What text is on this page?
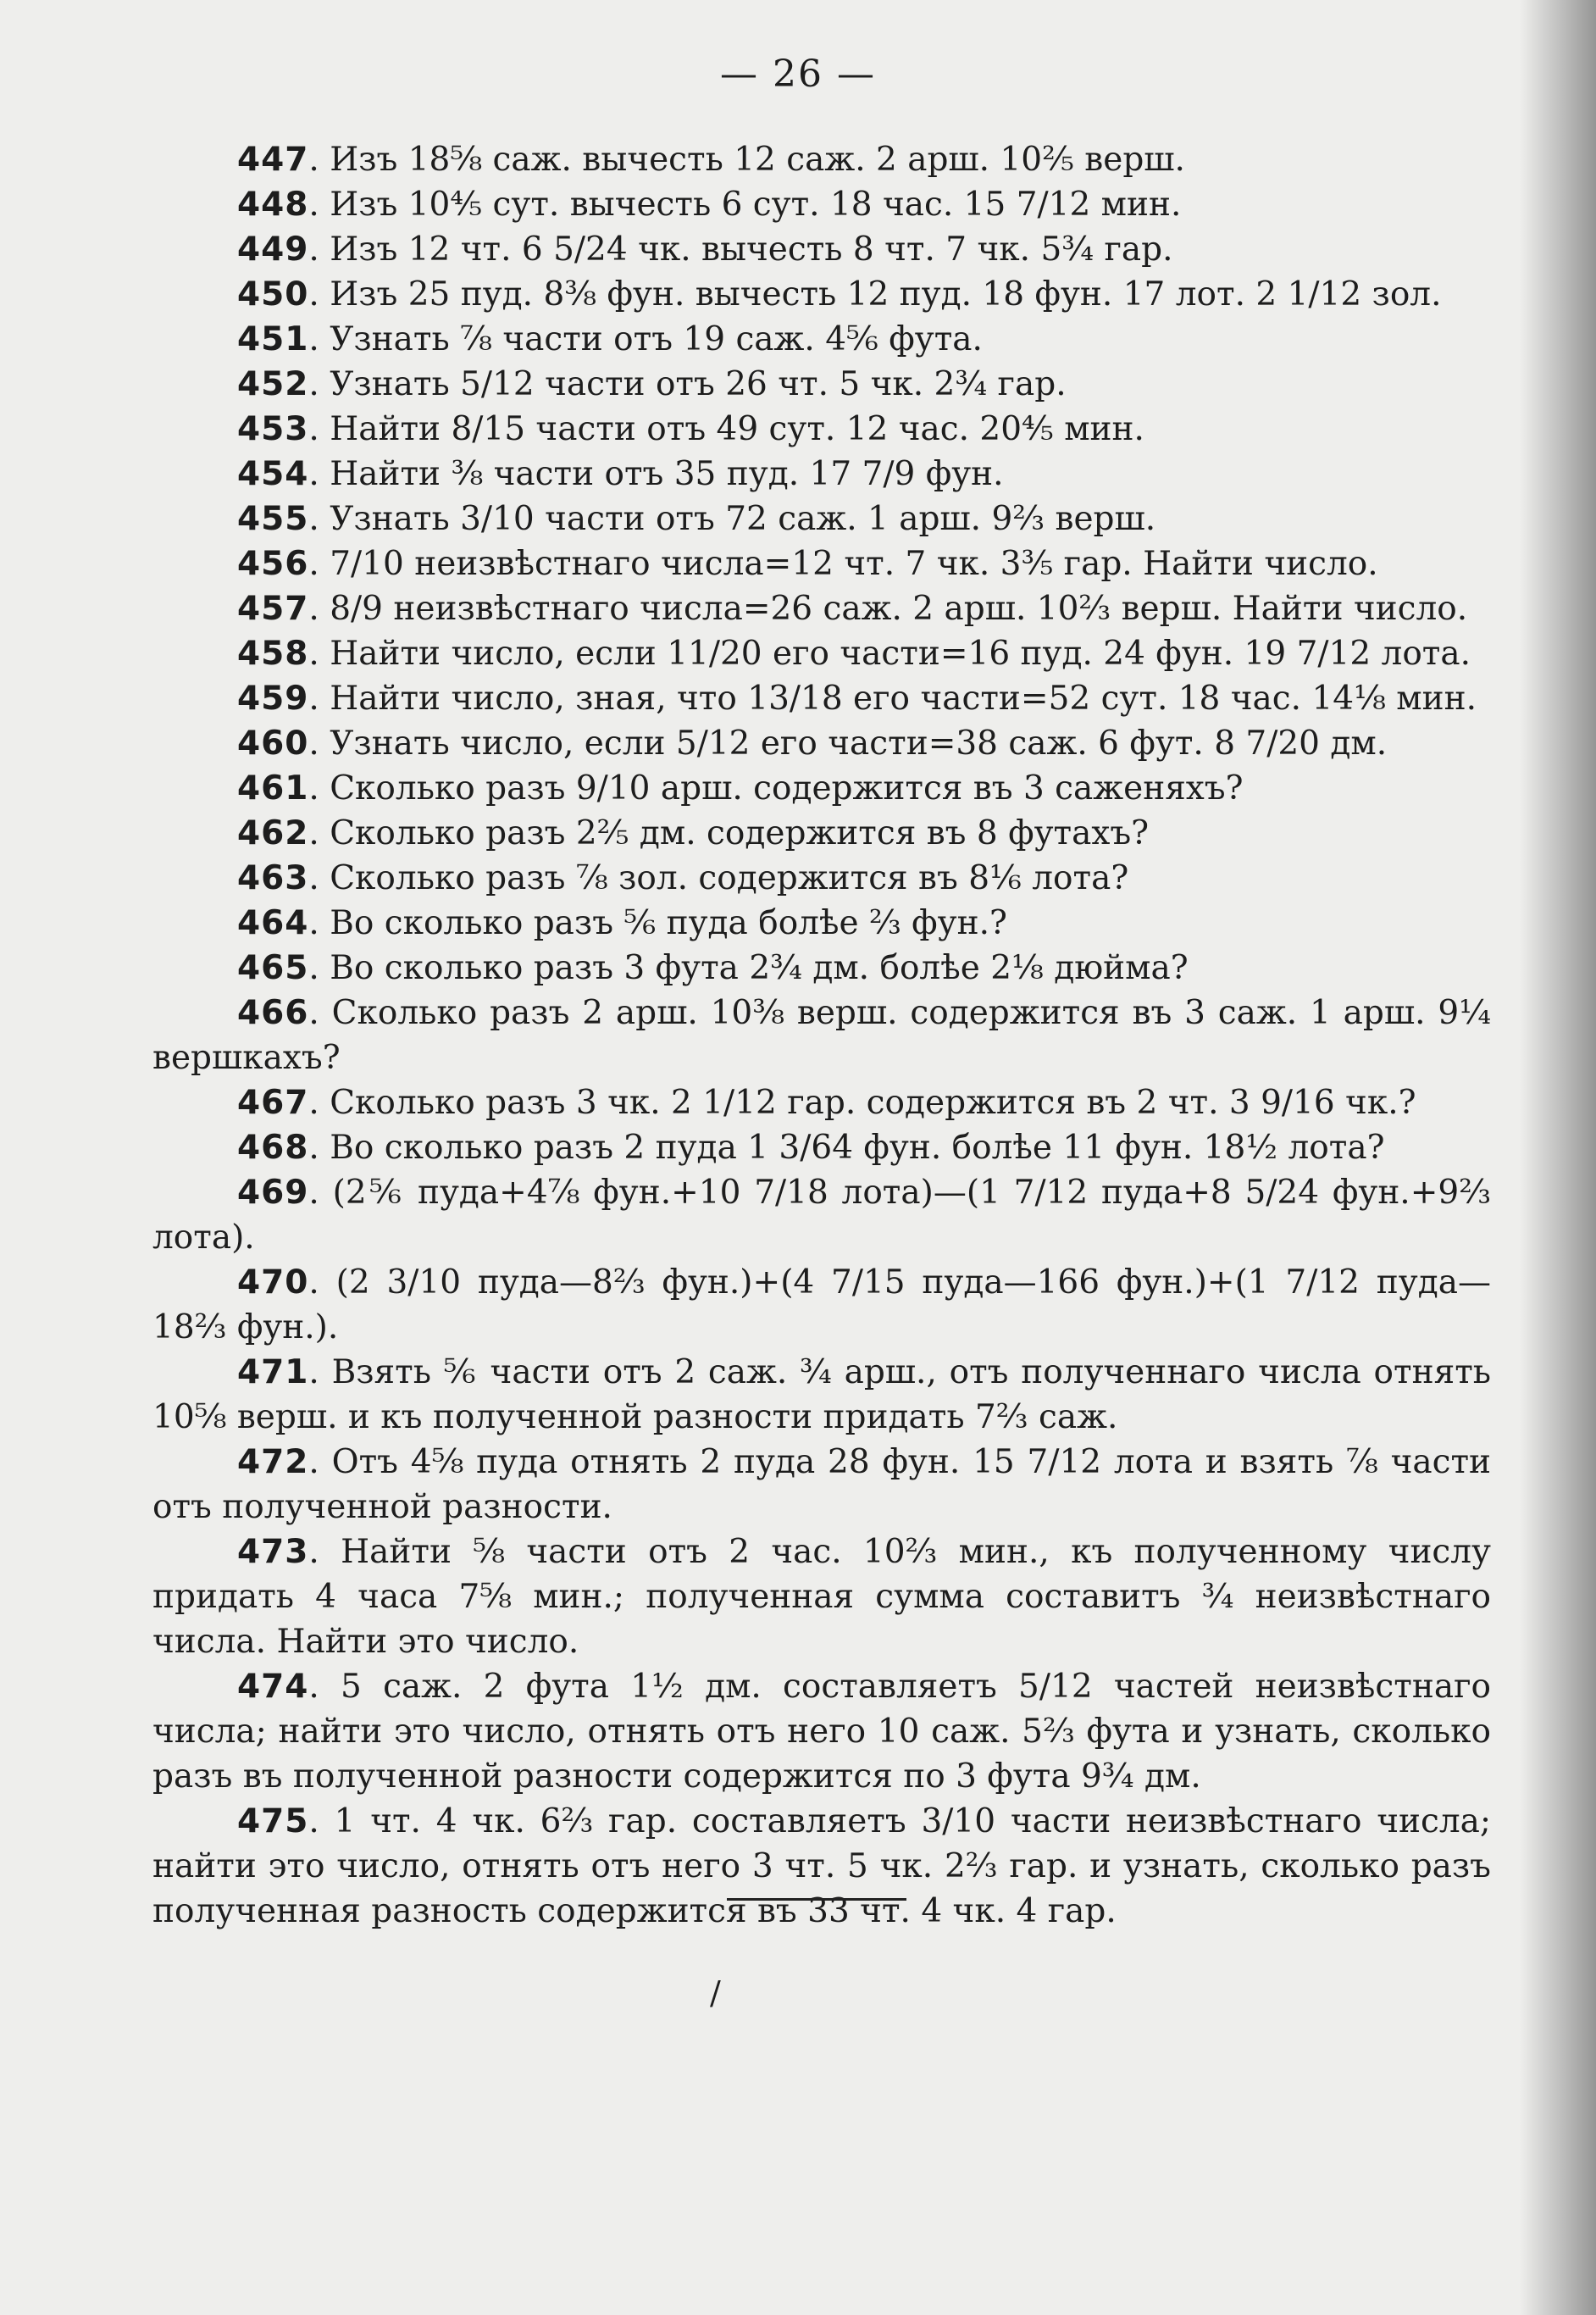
— 26 —

447. Изъ 18⅝ саж. вычесть 12 саж. 2 арш. 10⅖ верш.

448. Изъ 10⅘ сут. вычесть 6 сут. 18 час. 15 7/12 мин.

449. Изъ 12 чт. 6 5/24 чк. вычесть 8 чт. 7 чк. 5¾ гар.

450. Изъ 25 пуд. 8⅜ фун. вычесть 12 пуд. 18 фун. 17 лот. 2 1/12 зол.

451. Узнать ⅞ части отъ 19 саж. 4⅚ фута.

452. Узнать 5/12 части отъ 26 чт. 5 чк. 2¾ гар.

453. Найти 8/15 части отъ 49 сут. 12 час. 20⅘ мин.

454. Найти ⅜ части отъ 35 пуд. 17 7/9 фун.

455. Узнать 3/10 части отъ 72 саж. 1 арш. 9⅔ верш.

456. 7/10 неизвѣстнаго числа=12 чт. 7 чк. 3⅗ гар. Найти число.

457. 8/9 неизвѣстнаго числа=26 саж. 2 арш. 10⅔ верш. Найти число.

458. Найти число, если 11/20 его части=16 пуд. 24 фун. 19 7/12 лота.

459. Найти число, зная, что 13/18 его части=52 сут. 18 час. 14⅛ мин.

460. Узнать число, если 5/12 его части=38 саж. 6 фут. 8 7/20 дм.

461. Сколько разъ 9/10 арш. содержится въ 3 саженяхъ?

462. Сколько разъ 2⅖ дм. содержится въ 8 футахъ?

463. Сколько разъ ⅞ зол. содержится въ 8⅙ лота?

464. Во сколько разъ ⅚ пуда болѣе ⅔ фун.?

465. Во сколько разъ 3 фута 2¾ дм. болѣе 2⅛ дюйма?

466. Сколько разъ 2 арш. 10⅜ верш. содержится въ 3 саж. 1 арш. 9¼ вершкахъ?

467. Сколько разъ 3 чк. 2 1/12 гар. содержится въ 2 чт. 3 9/16 чк.?

468. Во сколько разъ 2 пуда 1 3/64 фун. болѣе 11 фун. 18½ лота?

469. (2⅚ пуда+4⅞ фун.+10 7/18 лота)—(1 7/12 пуда+8 5/24 фун.+9⅔ лота).

470. (2 3/10 пуда—8⅔ фун.)+(4 7/15 пуда—166 фун.)+(1 7/12 пуда—18⅔ фун.).

471. Взять ⅚ части отъ 2 саж. ¾ арш., отъ полученнаго числа отнять 10⅝ верш. и къ полученной разности придать 7⅔ саж.

472. Отъ 4⅝ пуда отнять 2 пуда 28 фун. 15 7/12 лота и взять ⅞ части отъ полученной разности.

473. Найти ⅝ части отъ 2 час. 10⅔ мин., къ полученному числу придать 4 часа 7⅝ мин.; полученная сумма составитъ ¾ неизвѣстнаго числа. Найти это число.

474. 5 саж. 2 фута 1½ дм. составляетъ 5/12 частей неизвѣстнаго числа; найти это число, отнять отъ него 10 саж. 5⅔ фута и узнать, сколько разъ въ полученной разности содержится по 3 фута 9¾ дм.

475. 1 чт. 4 чк. 6⅔ гар. составляетъ 3/10 части неизвѣстнаго числа; найти это число, отнять отъ него 3 чт. 5 чк. 2⅔ гар. и узнать, сколько разъ полученная разность содержится въ 33 чт. 4 чк. 4 гар.

/
